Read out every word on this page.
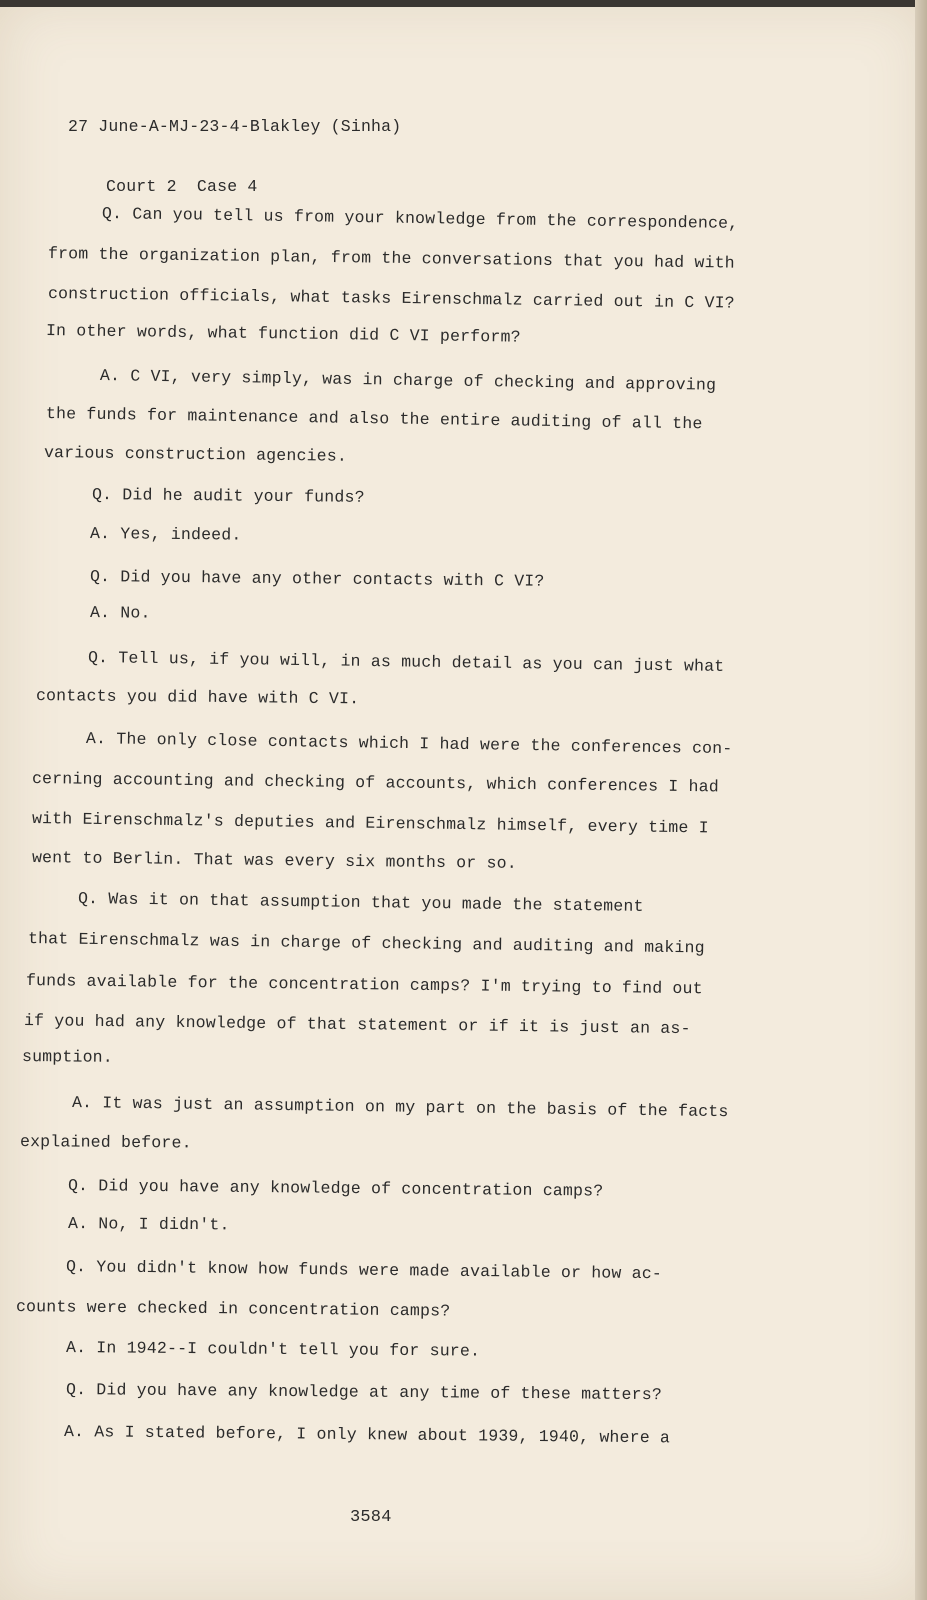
27 June-A-MJ-23-4-Blakley (Sinha)

Court 2  Case 4

Q. Can you tell us from your knowledge from the correspondence,
from the organization plan, from the conversations that you had with
construction officials, what tasks Eirenschmalz carried out in C VI?
In other words, what function did C VI perform?
A. C VI, very simply, was in charge of checking and approving
the funds for maintenance and also the entire auditing of all the
various construction agencies.
Q. Did he audit your funds?
A. Yes, indeed.
Q. Did you have any other contacts with C VI?
A. No.
Q. Tell us, if you will, in as much detail as you can just what
contacts you did have with C VI.
A. The only close contacts which I had were the conferences con-
cerning accounting and checking of accounts, which conferences I had
with Eirenschmalz's deputies and Eirenschmalz himself, every time I
went to Berlin. That was every six months or so.
Q. Was it on that assumption that you made the statement
that Eirenschmalz was in charge of checking and auditing and making
funds available for the concentration camps? I'm trying to find out
if you had any knowledge of that statement or if it is just an as-
sumption.
A. It was just an assumption on my part on the basis of the facts
explained before.
Q. Did you have any knowledge of concentration camps?
A. No, I didn't.
Q. You didn't know how funds were made available or how ac-
counts were checked in concentration camps?
A. In 1942--I couldn't tell you for sure.
Q. Did you have any knowledge at any time of these matters?
A. As I stated before, I only knew about 1939, 1940, where a
3584
